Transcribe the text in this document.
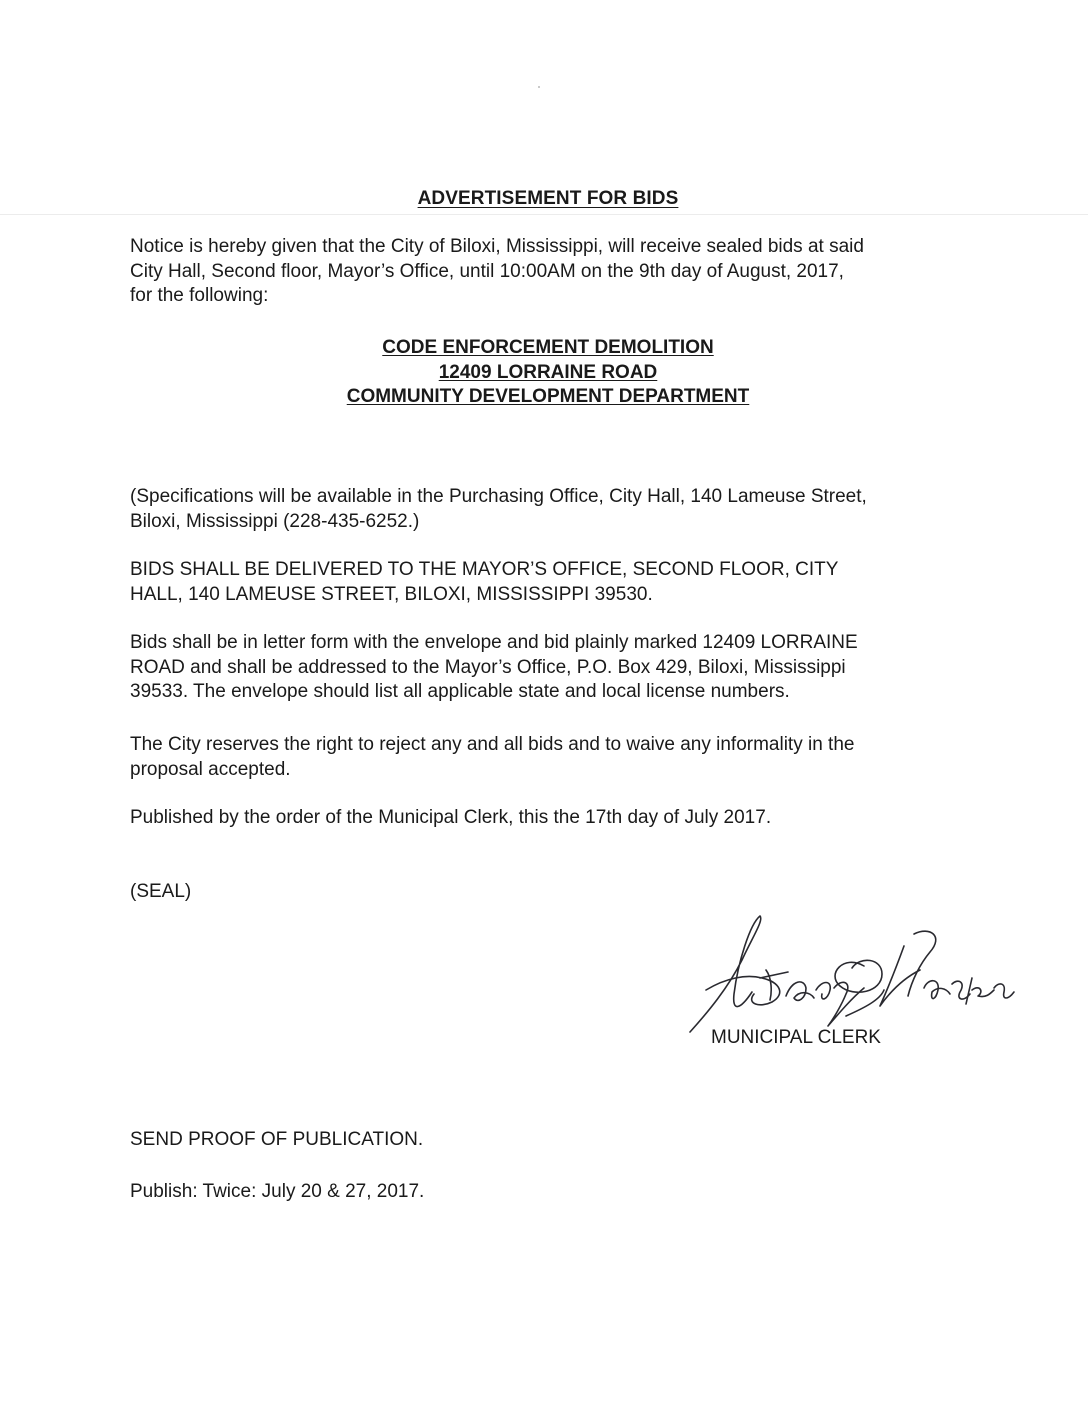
ADVERTISEMENT FOR BIDS

Notice is hereby given that the City of Biloxi, Mississippi, will receive sealed bids at said
City Hall, Second floor, Mayor’s Office, until 10:00AM on the 9th day of August, 2017,
for the following:

CODE ENFORCEMENT DEMOLITION
12409 LORRAINE ROAD
COMMUNITY DEVELOPMENT DEPARTMENT

(Specifications will be available in the Purchasing Office, City Hall, 140 Lameuse Street,
Biloxi, Mississippi (228-435-6252.)

BIDS SHALL BE DELIVERED TO THE MAYOR’S OFFICE, SECOND FLOOR, CITY
HALL, 140 LAMEUSE STREET, BILOXI, MISSISSIPPI 39530.

Bids shall be in letter form with the envelope and bid plainly marked 12409 LORRAINE
ROAD and shall be addressed to the Mayor’s Office, P.O. Box 429, Biloxi, Mississippi
39533. The envelope should list all applicable state and local license numbers.

The City reserves the right to reject any and all bids and to waive any informality in the
proposal accepted.

Published by the order of the Municipal Clerk, this the 17th day of July 2017.

(SEAL)

MUNICIPAL CLERK

SEND PROOF OF PUBLICATION.

Publish: Twice: July 20 & 27, 2017.
